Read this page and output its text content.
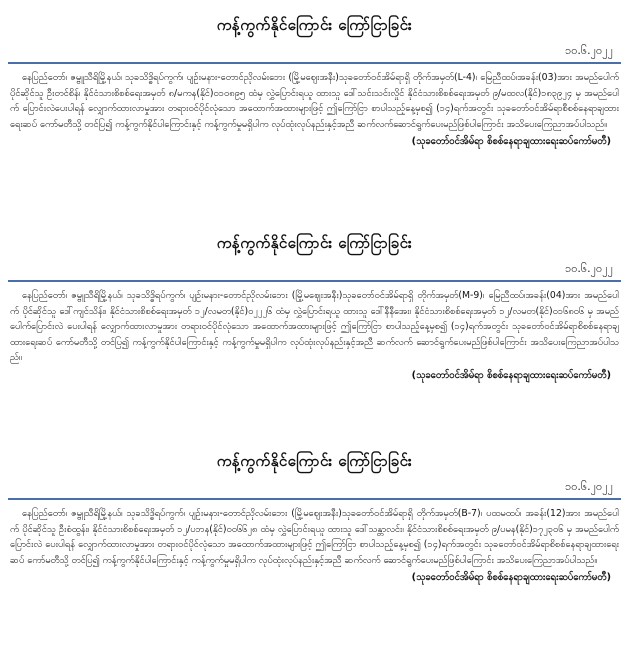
ကန့်ကွက်နိုင်ကြောင်း ကြော်ငြာခြင်း
၁၀.၆.၂၀၂၂
နေပြည်တော်၊ ဇမ္ဗူသီရိမြို့နယ်၊ သုခသိဒ္ဓိရပ်ကွက်၊ ပျဉ်းမနား-တောင်ညိုလမ်းဘေး (မြို့မဈေးအနီး)သုခတော်ဝင်အိမ်ရာရှိ တိုက်အမှတ်(L-4)၊ မြေညီထပ်၊အခန်း(03)အား အမည်ပေါက် ပိုင်ဆိုင်သူ ဦးတင်စိန်၊ နိုင်ငံသားစိစစ်ရေးအမှတ် ၈/မကန(နိုင်)၀၁၀၈၉၅ ထံမှ လွှဲပြောင်းရယူ ထားသူ ဒေါ်သင်းသင်းလှိုင် နိုင်ငံသားစိစစ်ရေးအမှတ် ၉/မထလ(နိုင်)၁၈၃၉၂၄ မှ အမည်ပေါက် ပြောင်းလဲပေးပါရန် လျှောက်ထားလာမှုအား တရားဝင်ပိုင်လုံသော အထောက်အထားများဖြင့် ဤကြော်ငြာ စာပါသည့်နေ့မှစ၍ (၁၄)ရက်အတွင်း သုခတော်ဝင်အိမ်ရာစီစစ်နေရာချထားရေးဆပ် ကော်မတီသို့ တင်ပြ၍ ကန့်ကွက်နိုင်ပါကြောင်းနှင့် ကန့်ကွက်မှုမရှိပါက လုပ်ထုံးလုပ်နည်းနှင့်အညီ ဆက်လက်ဆောင်ရွက်ပေးမည်ဖြစ်ပါကြောင်း အသိပေးကြေညာအပ်ပါသည်။
(သုခတော်ဝင်အိမ်ရာ စိစစ်နေရာချထားရေးဆပ်ကော်မတီ)
ကန့်ကွက်နိုင်ကြောင်း ကြော်ငြာခြင်း
၁၀.၆.၂၀၂၂
နေပြည်တော်၊ ဇမ္ဗူသီရိမြို့နယ်၊ သုခသိဒ္ဓိရပ်ကွက်၊ ပျဉ်းမနား-တောင်ညိုလမ်းဘေး (မြို့မဈေးအနီး)သုခတော်ဝင်အိမ်ရာရှိ တိုက်အမှတ်(M-9)၊ မြေညီထပ်၊အခန်း(04)အား အမည်ပေါက် ပိုင်ဆိုင်သူ ဒေါ်ကျင်သိန်း၊ နိုင်ငံသားစိစစ်ရေးအမှတ် ၁၂/လမတ(နိုင်)၀၂၂၂၆ ထံမှ လွှဲပြောင်းရယူ ထားသူ ဒေါ်နီနီအေး၊ နိုင်ငံသားစိစစ်ရေးအမှတ် ၁၂/လမတ(နိုင်)၀၁၆၈၀၆ မှ အမည်ပေါက်ပြောင်းလဲ ပေးပါရန် လျှောက်ထားလာမှုအား တရားဝင်ပိုင်လုံသော အထောက်အထားများဖြင့် ဤကြော်ငြာ စာပါသည့်နေ့မှစ၍ (၁၄)ရက်အတွင်း သုခတော်ဝင်အိမ်ရာစိစစ်နေရာချထားရေးဆပ် ကော်မတီသို့ တင်ပြ၍ ကန့်ကွက်နိုင်ပါကြောင်းနှင့် ကန့်ကွက်မှုမရှိပါက လုပ်ထုံးလုပ်နည်းနှင့်အညီ ဆက်လက် ဆောင်ရွက်ပေးမည်ဖြစ်ပါကြောင်း အသိပေးကြေညာအပ်ပါသည်။
(သုခတော်ဝင်အိမ်ရာ စိစစ်နေရာချထားရေးဆပ်ကော်မတီ)
ကန့်ကွက်နိုင်ကြောင်း ကြော်ငြာခြင်း
၁၀.၆.၂၀၂၂
နေပြည်တော်၊ ဇမ္ဗူသီရိမြို့နယ်၊ သုခသိဒ္ဓိရပ်ကွက်၊ ပျဉ်းမနား-တောင်ညိုလမ်းဘေး (မြို့မဈေးအနီး)သုခတော်ဝင်အိမ်ရာရှိ တိုက်အမှတ်(B-7)၊ ပထမထပ်၊ အခန်း(12)အား အမည်ပေါက် ပိုင်ဆိုင်သူ ဦးစံထွန်း၊ နိုင်ငံသားစိစစ်ရေးအမှတ် ၁၂/ပဘန(နိုင်)၀၀၆၆၂၈ ထံမှ လွှဲပြောင်းရယူ ထားသူ ဒေါ်သန္တာလင်း၊ နိုင်ငံသားစိစစ်ရေးအမှတ် ၉/ပမန(နိုင်)၁၇၂၃၀၆ မှ အမည်ပေါက်ပြောင်းလဲ ပေးပါရန် လျှောက်ထားလာမှုအား တရားဝင်ပိုင်လုံသော အထောက်အထားများဖြင့် ဤကြော်ငြာ စာပါသည့်နေ့မှစ၍ (၁၄)ရက်အတွင်း သုခတော်ဝင်အိမ်ရာစိစစ်နေရာချထားရေးဆပ် ကော်မတီသို့ တင်ပြ၍ ကန့်ကွက်နိုင်ပါကြောင်းနှင့် ကန့်ကွက်မှုမရှိပါက လုပ်ထုံးလုပ်နည်းနှင့်အညီ ဆက်လက် ဆောင်ရွက်ပေးမည်ဖြစ်ပါကြောင်း အသိပေးကြေညာအပ်ပါသည်။
(သုခတော်ဝင်အိမ်ရာ စိစစ်နေရာချထားရေးဆပ်ကော်မတီ)
